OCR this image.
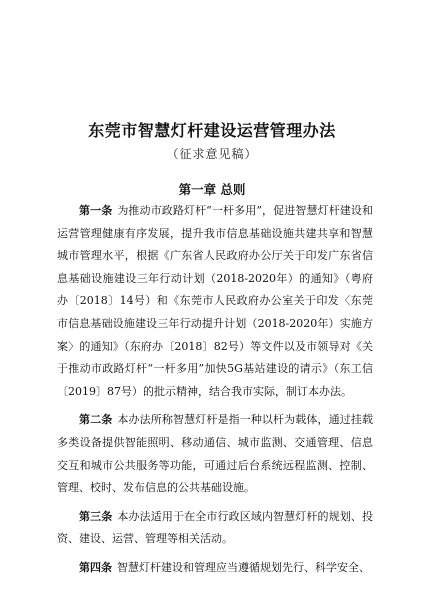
东莞市智慧灯杆建设运营管理办法
（征求意见稿）
第一章 总则

第一条 为推动市政路灯杆“一杆多用”，促进智慧灯杆建设和运营管理健康有序发展，提升我市信息基础设施共建共享和智慧城市管理水平，根据《广东省人民政府办公厅关于印发广东省信息基础设施建设三年行动计划（2018-2020年）的通知》（粤府办〔2018〕14号）和《东莞市人民政府办公室关于印发〈东莞市信息基础设施建设三年行动提升计划（2018-2020年）实施方案〉的通知》（东府办〔2018〕82号）等文件以及市领导对《关于推动市政路灯杆“一杆多用”加快5G基站建设的请示》（东工信〔2019〕87号）的批示精神，结合我市实际，制订本办法。

第二条 本办法所称智慧灯杆是指一种以杆为载体，通过挂载多类设备提供智能照明、移动通信、城市监测、交通管理、信息交互和城市公共服务等功能，可通过后台系统远程监测、控制、管理、校时、发布信息的公共基础设施。

第三条 本办法适用于在全市行政区域内智慧灯杆的规划、投资、建设、运营、管理等相关活动。

第四条 智慧灯杆建设和管理应当遵循规划先行、科学安全、
